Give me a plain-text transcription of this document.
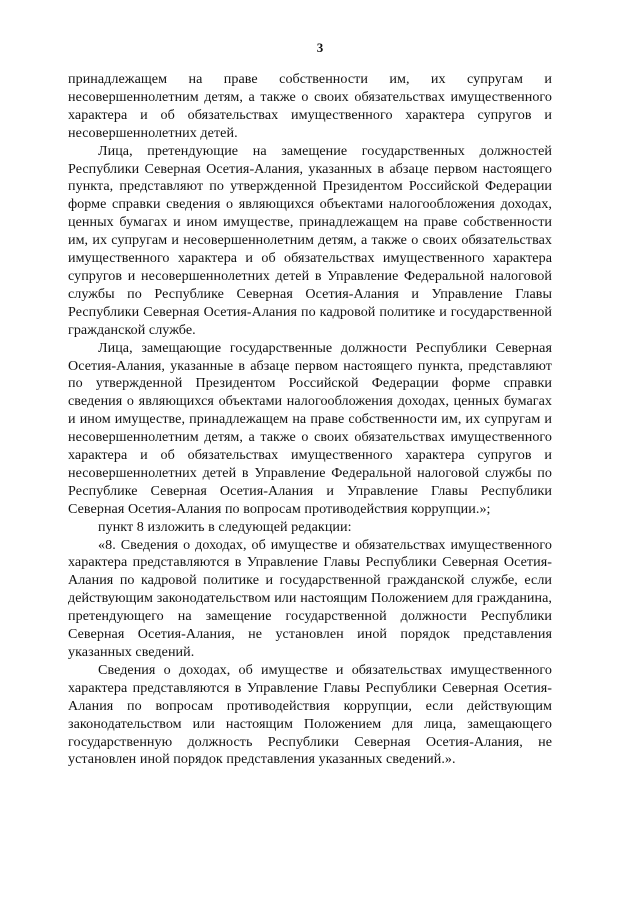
3

принадлежащем на праве собственности им, их супругам и несовершеннолетним детям, а также о своих обязательствах имущественного характера и об обязательствах имущественного характера супругов и несовершеннолетних детей.

Лица, претендующие на замещение государственных должностей Республики Северная Осетия-Алания, указанных в абзаце первом настоящего пункта, представляют по утвержденной Президентом Российской Федерации форме справки сведения о являющихся объектами налогообложения доходах, ценных бумагах и ином имуществе, принадлежащем на праве собственности им, их супругам и несовершеннолетним детям, а также о своих обязательствах имущественного характера и об обязательствах имущественного характера супругов и несовершеннолетних детей в Управление Федеральной налоговой службы по Республике Северная Осетия-Алания и Управление Главы Республики Северная Осетия-Алания по кадровой политике и государственной гражданской службе.

Лица, замещающие государственные должности Республики Северная Осетия-Алания, указанные в абзаце первом настоящего пункта, представляют по утвержденной Президентом Российской Федерации форме справки сведения о являющихся объектами налогообложения доходах, ценных бумагах и ином имуществе, принадлежащем на праве собственности им, их супругам и несовершеннолетним детям, а также о своих обязательствах имущественного характера и об обязательствах имущественного характера супругов и несовершеннолетних детей в Управление Федеральной налоговой службы по Республике Северная Осетия-Алания и Управление Главы Республики Северная Осетия-Алания по вопросам противодействия коррупции.»;

пункт 8 изложить в следующей редакции:

«8. Сведения о доходах, об имуществе и обязательствах имущественного характера представляются в Управление Главы Республики Северная Осетия-Алания по кадровой политике и государственной гражданской службе, если действующим законодательством или настоящим Положением для гражданина, претендующего на замещение государственной должности Республики Северная Осетия-Алания, не установлен иной порядок представления указанных сведений.

Сведения о доходах, об имуществе и обязательствах имущественного характера представляются в Управление Главы Республики Северная Осетия-Алания по вопросам противодействия коррупции, если действующим законодательством или настоящим Положением для лица, замещающего государственную должность Республики Северная Осетия-Алания, не установлен иной порядок представления указанных сведений.».
